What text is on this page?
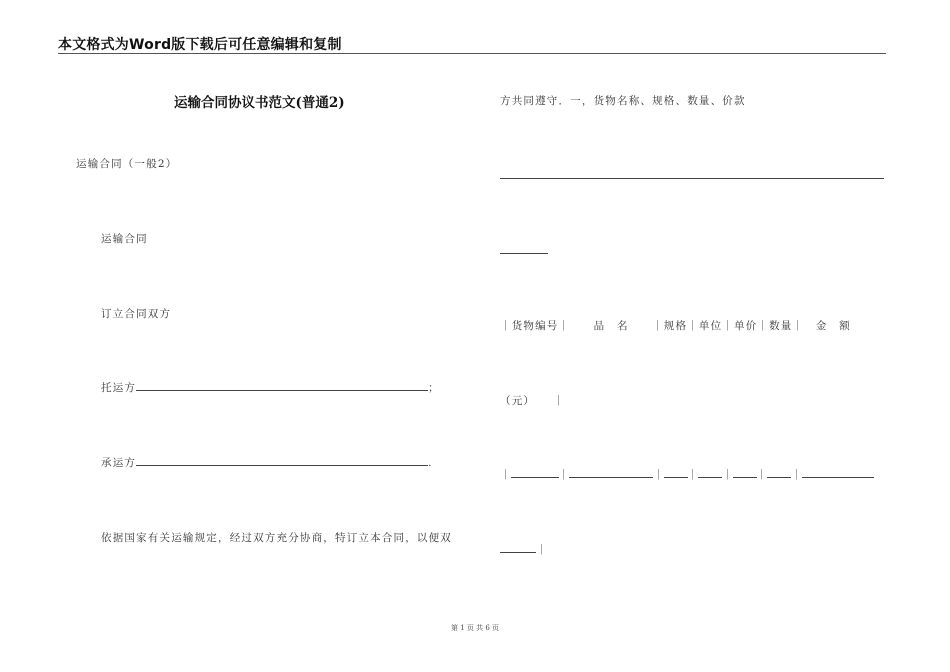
本文格式为Word版下载后可任意编辑和复制
运输合同协议书范文(普通2)
运输合同（一般2）
运输合同
订立合同双方
托运方	；
承运方	.
依据国家有关运输规定，经过双方充分协商，特订立本合同，以便双
方共同遵守．一，货物名称、规格、数量、价款
｜货物编号｜　　品　名　　｜规格｜单位｜单价｜数量｜　金　额
（元）　　｜
｜	｜	｜ ｜ ｜ ｜ ｜
｜
第 1 页 共 6 页
